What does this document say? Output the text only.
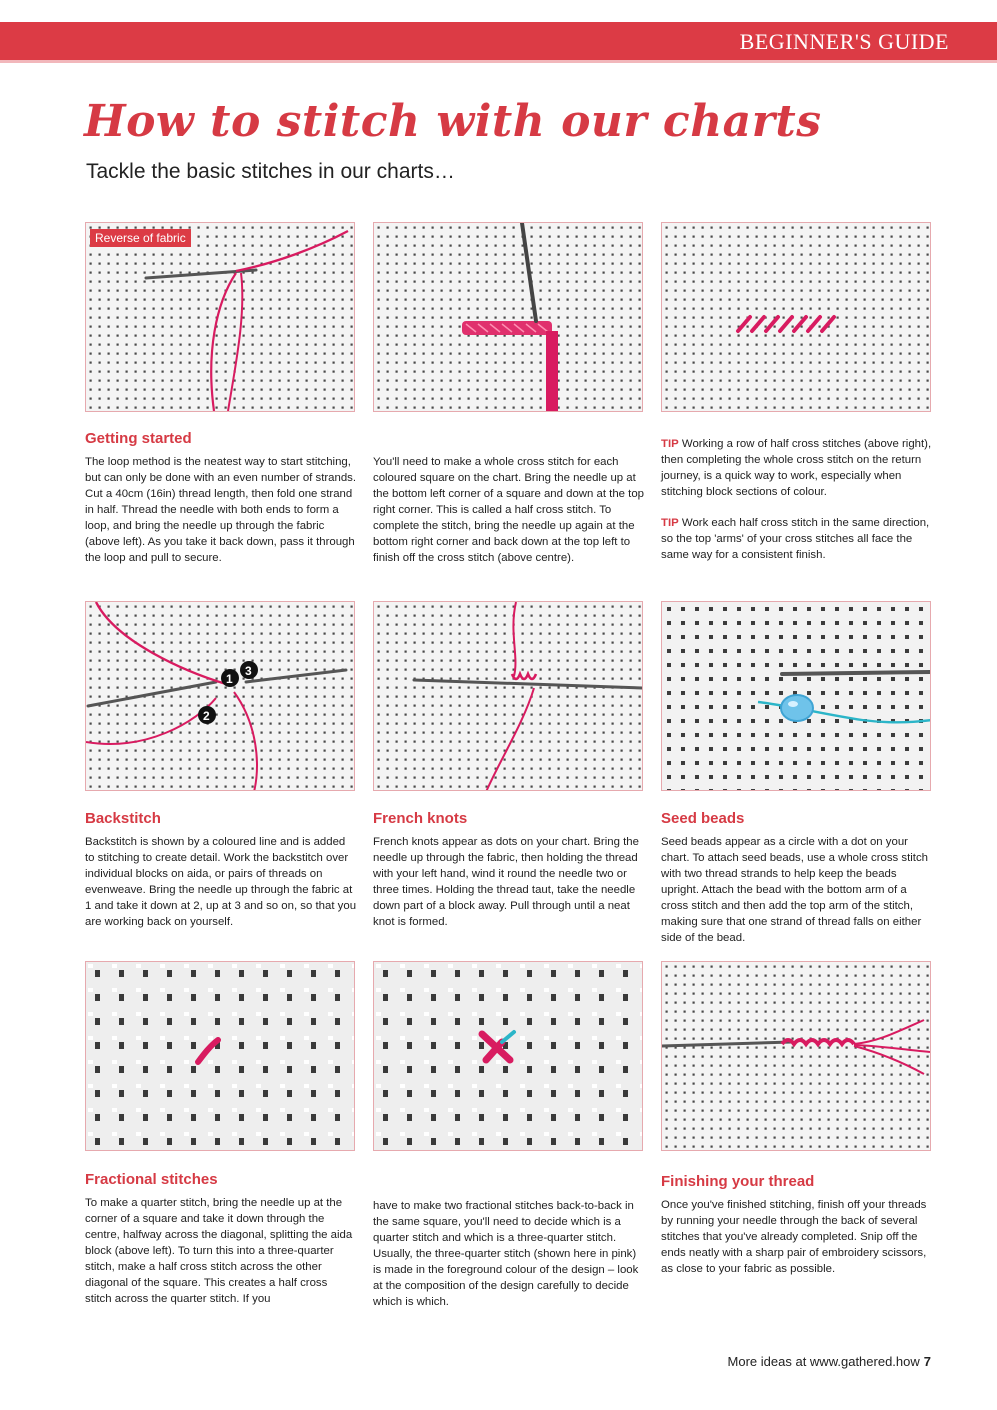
BEGINNER'S GUIDE
How to stitch with our charts

Tackle the basic stitches in our charts…

Reverse of fabric
Getting started

The loop method is the neatest way to start stitching, but can only be done with an even number of strands. Cut a 40cm (16in) thread length, then fold one strand in half. Thread the needle with both ends to form a loop, and bring the needle up through the fabric (above left). As you take it back down, pass it through the loop and pull to secure.

You'll need to make a whole cross stitch for each coloured square on the chart. Bring the needle up at the bottom left corner of a square and down at the top right corner. This is called a half cross stitch. To complete the stitch, bring the needle up again at the bottom right corner and back down at the top left to finish off the cross stitch (above centre).

TIP Working a row of half cross stitches (above right), then completing the whole cross stitch on the return journey, is a quick way to work, especially when stitching block sections of colour.

TIP Work each half cross stitch in the same direction, so the top 'arms' of your cross stitches all face the same way for a consistent finish.

1
3
2
Backstitch

Backstitch is shown by a coloured line and is added to stitching to create detail. Work the backstitch over individual blocks on aida, or pairs of threads on evenweave. Bring the needle up through the fabric at 1 and take it down at 2, up at 3 and so on, so that you are working back on yourself.

French knots

French knots appear as dots on your chart. Bring the needle up through the fabric, then holding the thread with your left hand, wind it round the needle two or three times. Holding the thread taut, take the needle down part of a block away. Pull through until a neat knot is formed.

Seed beads

Seed beads appear as a circle with a dot on your chart. To attach seed beads, use a whole cross stitch with two thread strands to help keep the beads upright. Attach the bead with the bottom arm of a cross stitch and then add the top arm of the stitch, making sure that one strand of thread falls on either side of the bead.

Fractional stitches

To make a quarter stitch, bring the needle up at the corner of a square and take it down through the centre, halfway across the diagonal, splitting the aida block (above left). To turn this into a three-quarter stitch, make a half cross stitch across the other diagonal of the square. This creates a half cross stitch across the quarter stitch. If you

have to make two fractional stitches back-to-back in the same square, you'll need to decide which is a quarter stitch and which is a three-quarter stitch. Usually, the three-quarter stitch (shown here in pink) is made in the foreground colour of the design – look at the composition of the design carefully to decide which is which.

Finishing your thread

Once you've finished stitching, finish off your threads by running your needle through the back of several stitches that you've already completed. Snip off the ends neatly with a sharp pair of embroidery scissors, as close to your fabric as possible.

More ideas at www.gathered.how 7
